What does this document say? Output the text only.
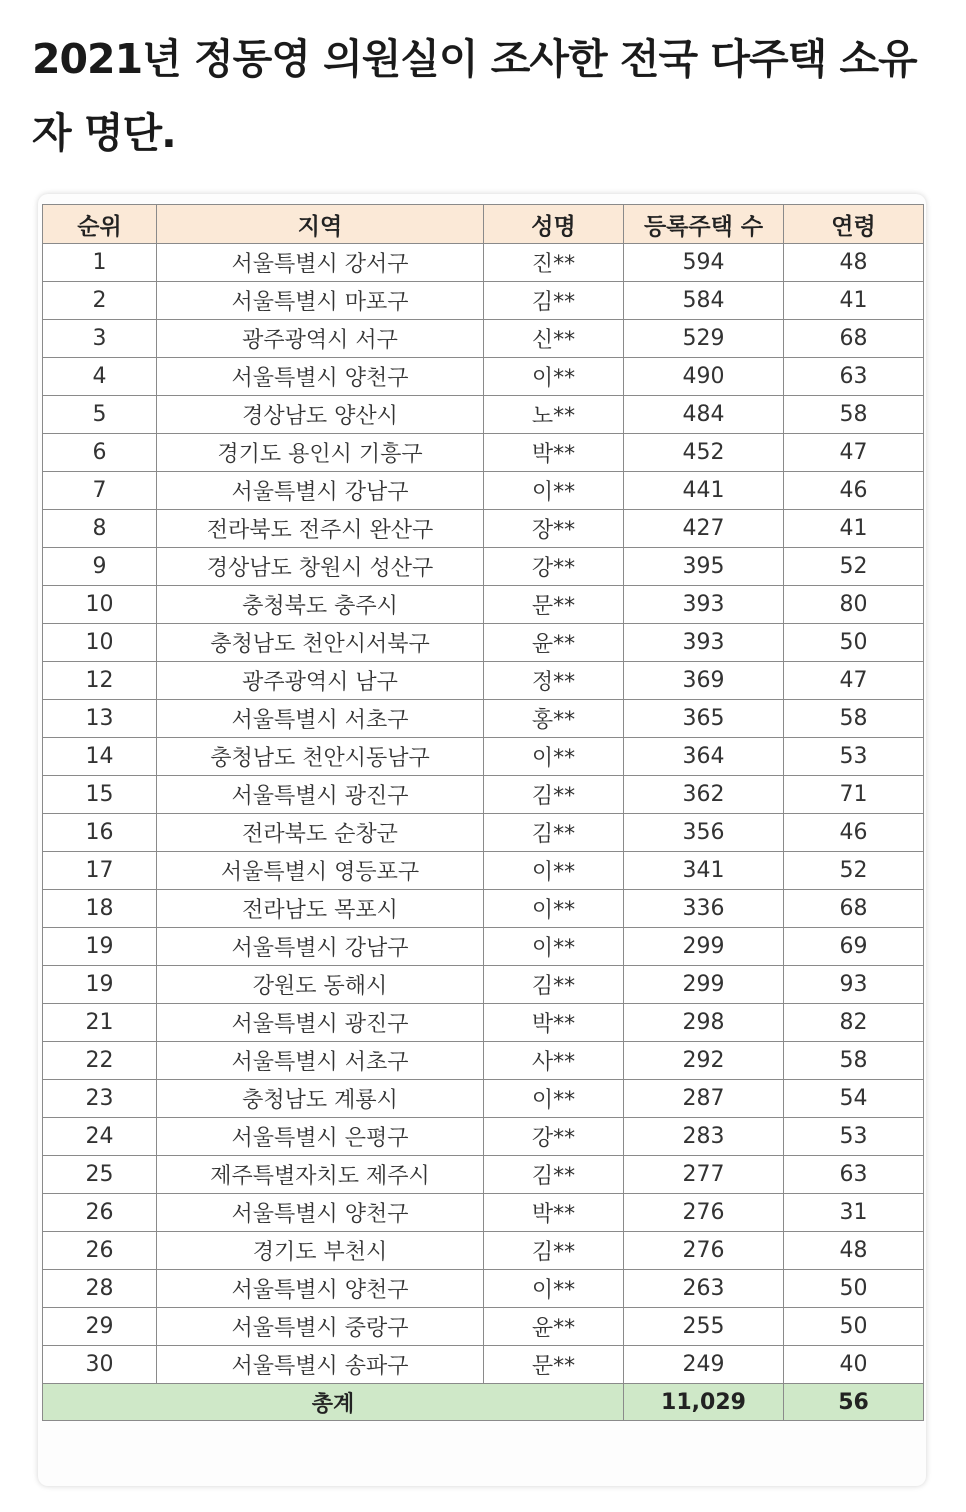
2021년 정동영 의원실이 조사한 전국 다주택 소유자 명단.
순위	지역	성명	등록주택 수	연령
1	서울특별시 강서구	진**	594	48
2	서울특별시 마포구	김**	584	41
3	광주광역시 서구	신**	529	68
4	서울특별시 양천구	이**	490	63
5	경상남도 양산시	노**	484	58
6	경기도 용인시 기흥구	박**	452	47
7	서울특별시 강남구	이**	441	46
8	전라북도 전주시 완산구	장**	427	41
9	경상남도 창원시 성산구	강**	395	52
10	충청북도 충주시	문**	393	80
10	충청남도 천안시서북구	윤**	393	50
12	광주광역시 남구	정**	369	47
13	서울특별시 서초구	홍**	365	58
14	충청남도 천안시동남구	이**	364	53
15	서울특별시 광진구	김**	362	71
16	전라북도 순창군	김**	356	46
17	서울특별시 영등포구	이**	341	52
18	전라남도 목포시	이**	336	68
19	서울특별시 강남구	이**	299	69
19	강원도 동해시	김**	299	93
21	서울특별시 광진구	박**	298	82
22	서울특별시 서초구	사**	292	58
23	충청남도 계룡시	이**	287	54
24	서울특별시 은평구	강**	283	53
25	제주특별자치도 제주시	김**	277	63
26	서울특별시 양천구	박**	276	31
26	경기도 부천시	김**	276	48
28	서울특별시 양천구	이**	263	50
29	서울특별시 중랑구	윤**	255	50
30	서울특별시 송파구	문**	249	40
총계			11,029	56
